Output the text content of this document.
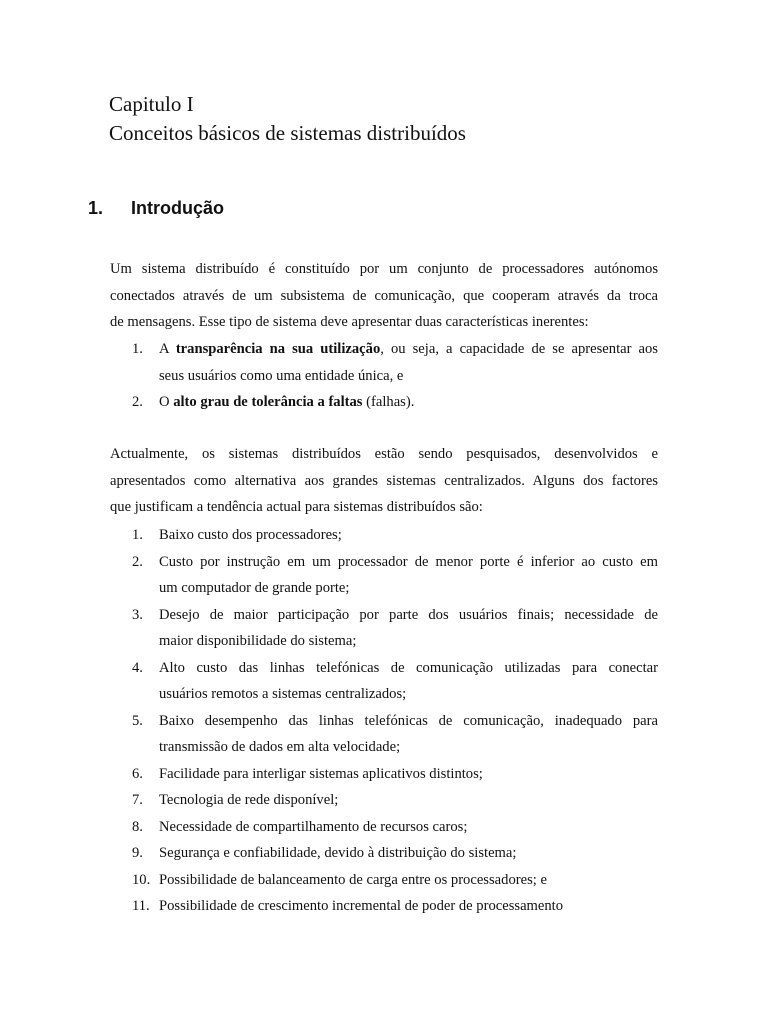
Capitulo I
Conceitos básicos de sistemas distribuídos
1. Introdução
Um sistema distribuído é constituído por um conjunto de processadores autónomos
conectados através de um subsistema de comunicação, que cooperam através da troca
de mensagens. Esse tipo de sistema deve apresentar duas características inerentes:
1. A transparência na sua utilização, ou seja, a capacidade de se apresentar aos
seus usuários como uma entidade única, e
2. O alto grau de tolerância a faltas (falhas).
Actualmente, os sistemas distribuídos estão sendo pesquisados, desenvolvidos e
apresentados como alternativa aos grandes sistemas centralizados. Alguns dos factores
que justificam a tendência actual para sistemas distribuídos são:
1. Baixo custo dos processadores;
2. Custo por instrução em um processador de menor porte é inferior ao custo em
um computador de grande porte;
3. Desejo de maior participação por parte dos usuários finais; necessidade de
maior disponibilidade do sistema;
4. Alto custo das linhas telefónicas de comunicação utilizadas para conectar
usuários remotos a sistemas centralizados;
5. Baixo desempenho das linhas telefónicas de comunicação, inadequado para
transmissão de dados em alta velocidade;
6. Facilidade para interligar sistemas aplicativos distintos;
7. Tecnologia de rede disponível;
8. Necessidade de compartilhamento de recursos caros;
9. Segurança e confiabilidade, devido à distribuição do sistema;
10. Possibilidade de balanceamento de carga entre os processadores; e
11. Possibilidade de crescimento incremental de poder de processamento
